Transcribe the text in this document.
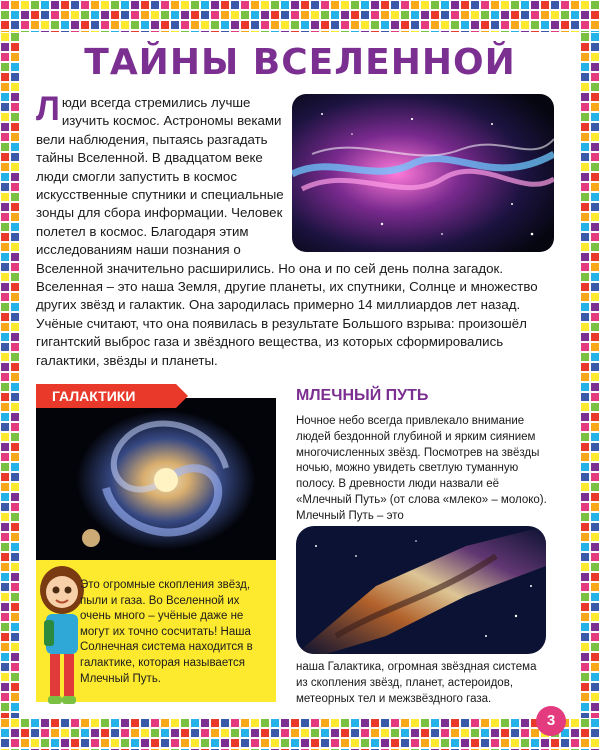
ТАЙНЫ ВСЕЛЕННОЙ
Люди всегда стремились лучше изучить космос. Астрономы веками вели наблюдения, пытаясь разгадать тайны Вселенной. В двадцатом веке люди смогли запустить в космос искусственные спутники и специальные зонды для сбора информации. Человек полетел в космос. Благодаря этим исследованиям наши познания о Вселенной значительно расширились. Но она и по сей день полна загадок. Вселенная – это наша Земля, другие планеты, их спутники, Солнце и множество других звёзд и галактик. Она зародилась примерно 14 миллиардов лет назад. Учёные считают, что она появилась в результате Большого взрыва: произошёл гигантский выброс газа и звёздного вещества, из которых сформировались галактики, звёзды и планеты.
ГАЛАКТИКИ
Это огромные скопления звёзд, пыли и газа. Во Вселенной их очень много – учёные даже не могут их точно сосчитать! Наша Солнечная система находится в галактике, которая называется Млечный Путь.
МЛЕЧНЫЙ ПУТЬ
Ночное небо всегда привлекало внимание людей бездонной глубиной и ярким сиянием многочисленных звёзд. Посмотрев на звёзды ночью, можно увидеть светлую туманную полосу. В древности люди назвали её «Млечный Путь» (от слова «млеко» – молоко). Млечный Путь – это
наша Галактика, огромная звёздная система из скопления звёзд, планет, астероидов, метеорных тел и межзвёздного газа.
3
